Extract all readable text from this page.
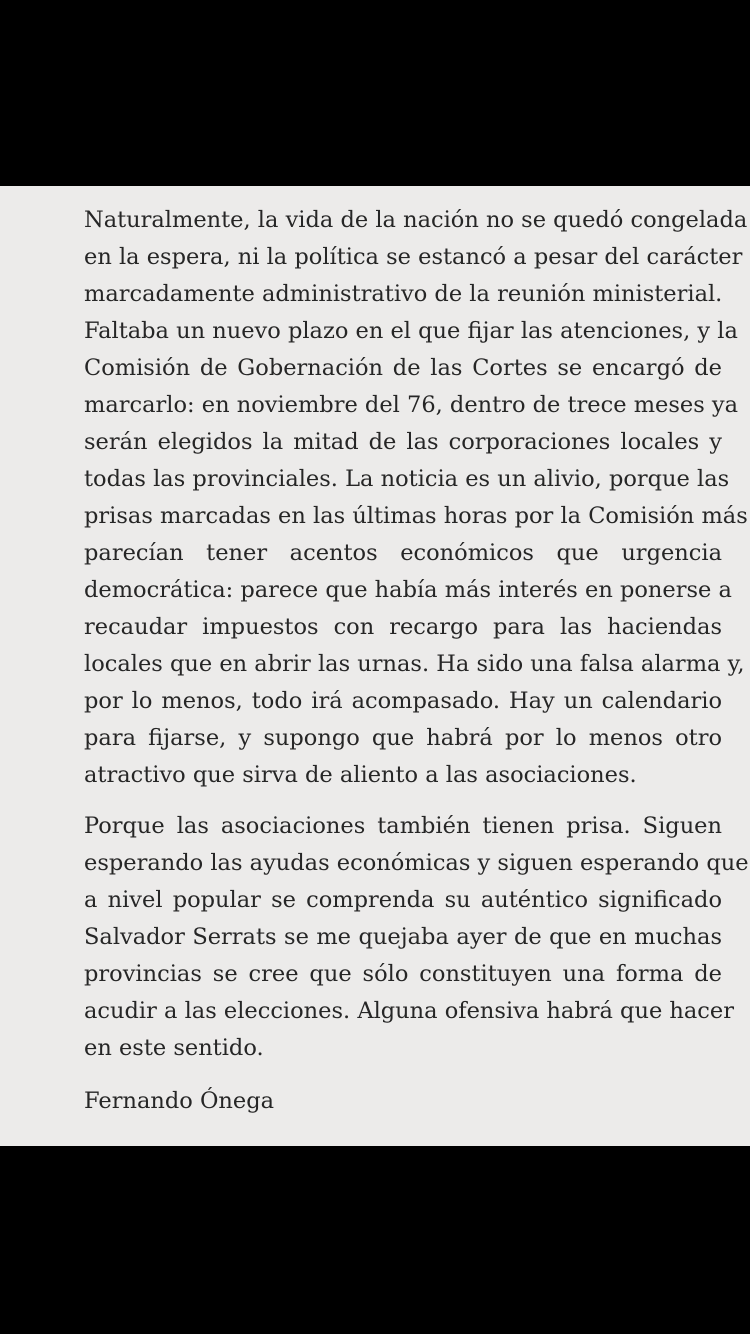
Naturalmente, la vida de la nación no se quedó congelada
en la espera, ni la política se estancó a pesar del carácter
marcadamente administrativo de la reunión ministerial.
Faltaba un nuevo plazo en el que fijar las atenciones, y la
Comisión de Gobernación de las Cortes se encargó de
marcarlo: en noviembre del 76, dentro de trece meses ya
serán elegidos la mitad de las corporaciones locales y
todas las provinciales. La noticia es un alivio, porque las
prisas marcadas en las últimas horas por la Comisión más
parecían tener acentos económicos que urgencia
democrática: parece que había más interés en ponerse a
recaudar impuestos con recargo para las haciendas
locales que en abrir las urnas. Ha sido una falsa alarma y,
por lo menos, todo irá acompasado. Hay un calendario
para fijarse, y supongo que habrá por lo menos otro
atractivo que sirva de aliento a las asociaciones.

Porque las asociaciones también tienen prisa. Siguen
esperando las ayudas económicas y siguen esperando que
a nivel popular se comprenda su auténtico significado
Salvador Serrats se me quejaba ayer de que en muchas
provincias se cree que sólo constituyen una forma de
acudir a las elecciones. Alguna ofensiva habrá que hacer
en este sentido.

Fernando Ónega
